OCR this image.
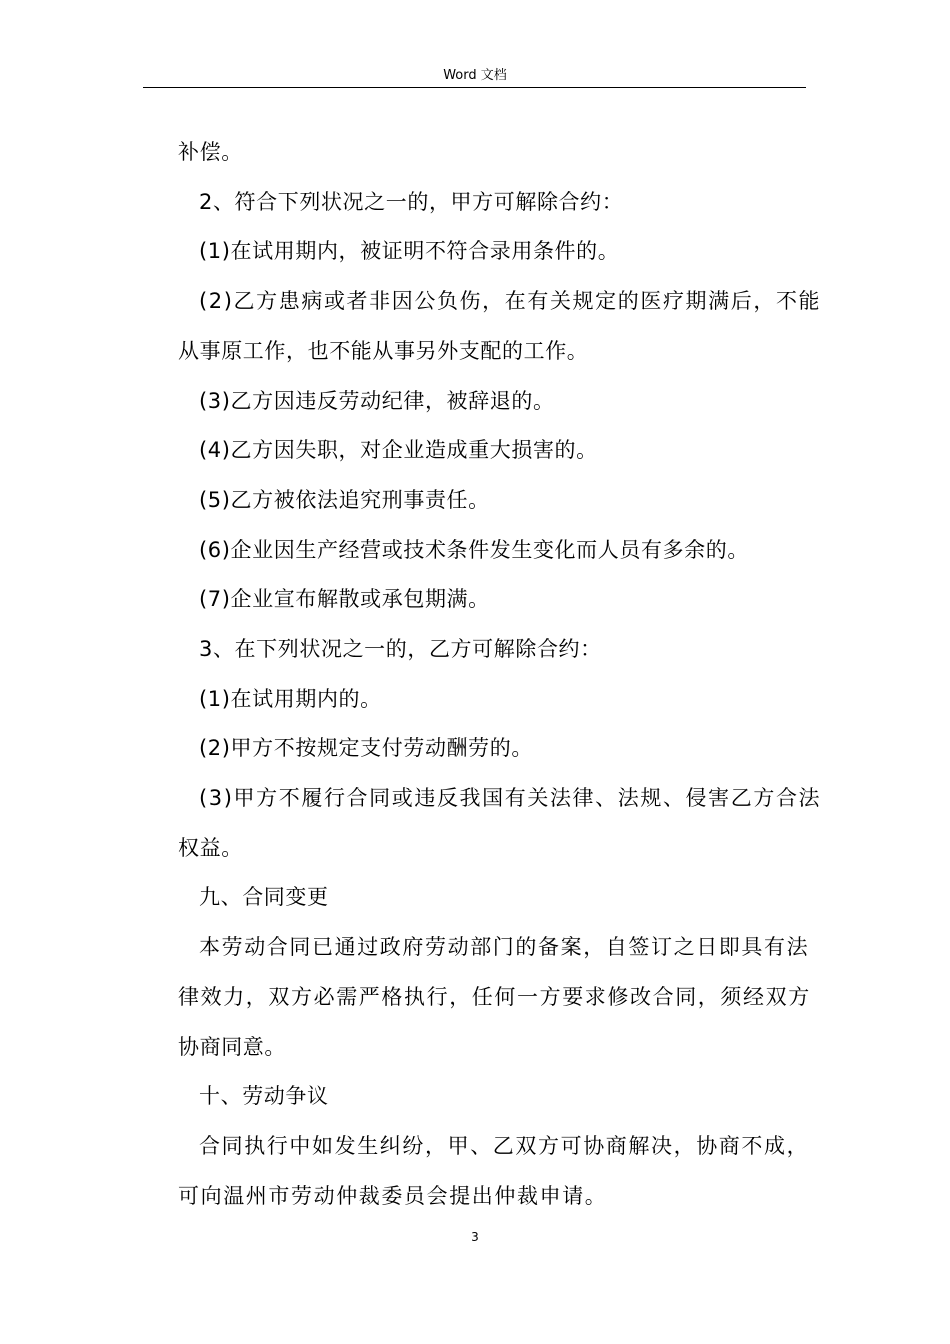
Word 文档
补偿。
2、符合下列状况之一的，甲方可解除合约：
(1)在试用期内，被证明不符合录用条件的。
(2)乙方患病或者非因公负伤，在有关规定的医疗期满后，不能
从事原工作，也不能从事另外支配的工作。
(3)乙方因违反劳动纪律，被辞退的。
(4)乙方因失职，对企业造成重大损害的。
(5)乙方被依法追究刑事责任。
(6)企业因生产经营或技术条件发生变化而人员有多余的。
(7)企业宣布解散或承包期满。
3、在下列状况之一的，乙方可解除合约：
(1)在试用期内的。
(2)甲方不按规定支付劳动酬劳的。
(3)甲方不履行合同或违反我国有关法律、法规、侵害乙方合法
权益。
九、合同变更
本劳动合同已通过政府劳动部门的备案，自签订之日即具有法
律效力，双方必需严格执行，任何一方要求修改合同，须经双方
协商同意。
十、劳动争议
合同执行中如发生纠纷，甲、乙双方可协商解决，协商不成，
可向温州市劳动仲裁委员会提出仲裁申请。
3
